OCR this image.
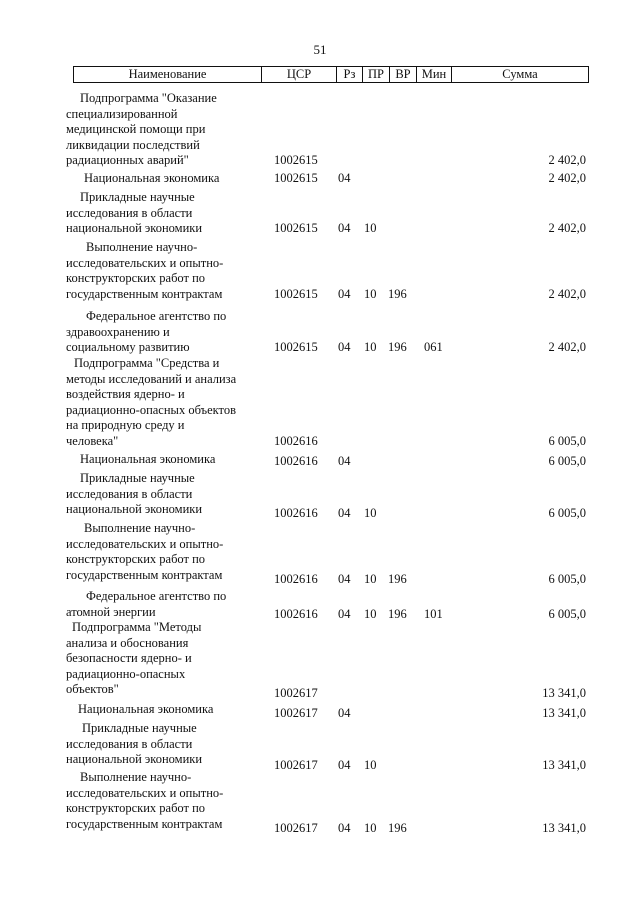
51
Наименование	ЦСР	Рз	ПР ВР Мин	Сумма
Подпрограмма "Оказание
специализированной
медицинской помощи при
ликвидации последствий
радиационных аварий"	1002615	2 402,0
Национальная экономика	1002615 04	2 402,0
Прикладные научные
исследования в области
национальной экономики	1002615 04 10	2 402,0
Выполнение научно-
исследовательских и опытно-
конструкторских работ по
государственным контрактам	1002615 04 10 196	2 402,0
Федеральное агентство по
здравоохранению и
социальному развитию	1002615 04 10 196 061	2 402,0
Подпрограмма "Средства и
методы исследований и анализа
воздействия ядерно- и
радиационно-опасных объектов
на природную среду и
человека"	1002616	6 005,0
Национальная экономика	1002616 04	6 005,0
Прикладные научные
исследования в области
национальной экономики	1002616 04 10	6 005,0
Выполнение научно-
исследовательских и опытно-
конструкторских работ по
государственным контрактам	1002616 04 10 196	6 005,0
Федеральное агентство по
атомной энергии	1002616 04 10 196 101	6 005,0
Подпрограмма "Методы
анализа и обоснования
безопасности ядерно- и
радиационно-опасных
объектов"	1002617	13 341,0
Национальная экономика	1002617 04	13 341,0
Прикладные научные
исследования в области
национальной экономики	1002617 04 10	13 341,0
Выполнение научно-
исследовательских и опытно-
конструкторских работ по
государственным контрактам	1002617 04 10 196	13 341,0
